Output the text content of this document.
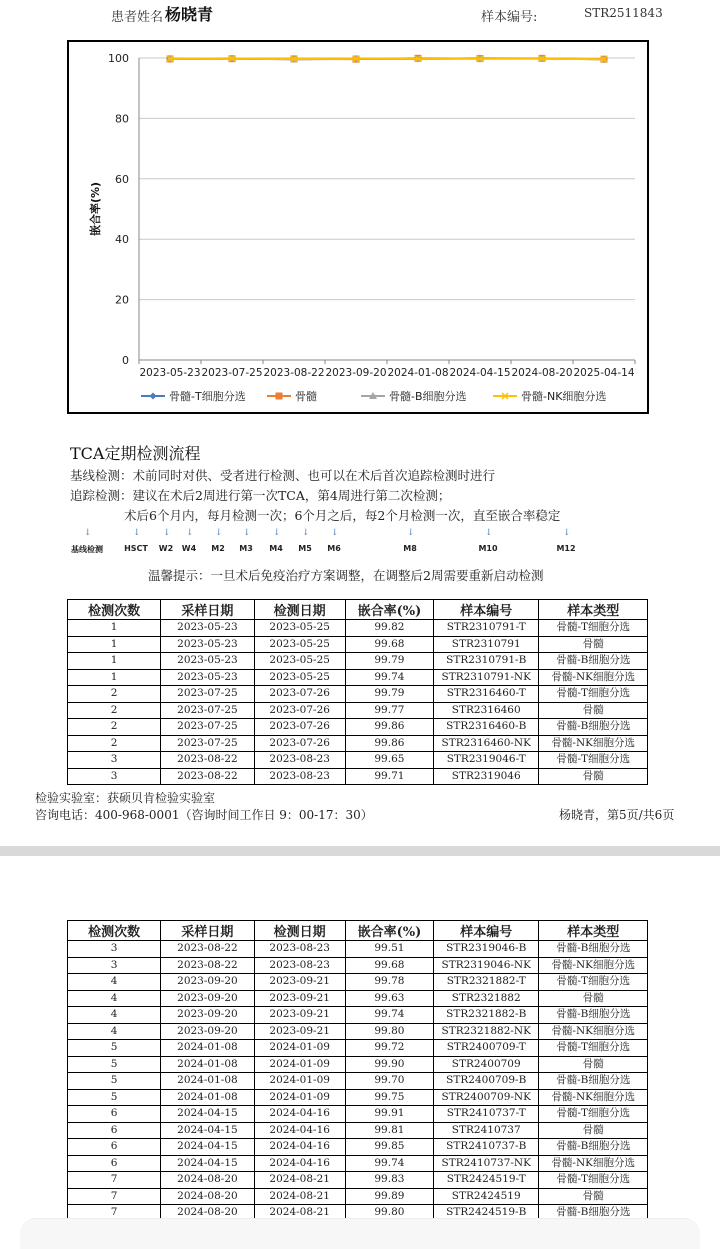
患者姓名 杨晓青	样本编号:	STR2511843
0
20
40
60
80
100
2023-05-23 2023-07-25 2023-08-22 2023-09-20 2024-01-08 2024-04-15 2024-08-20 2025-04-14
嵌合率(%)
骨髓-T细胞分选	骨髓	骨髓-B细胞分选	骨髓-NK细胞分选
TCA定期检测流程
基线检测：术前同时对供、受者进行检测、也可以在术后首次追踪检测时进行
追踪检测：建议在术后2周进行第一次TCA，第4周进行第二次检测；
术后6个月内，每月检测一次；6个月之后，每2个月检测一次，直至嵌合率稳定
↓
基线检测
↓
HSCT
↓
W2
↓
W4
↓
M2
↓
M3
↓
M4
↓
M5
↓
M6
↓
M8
↓
M10
↓
M12
温馨提示：一旦术后免疫治疗方案调整，在调整后2周需要重新启动检测
检测次数	采样日期	检测日期	嵌合率(%)	样本编号	样本类型
1	2023-05-23	2023-05-25	99.82	STR2310791-T	骨髓-T细胞分选
1	2023-05-23	2023-05-25	99.68	STR2310791	骨髓
1	2023-05-23	2023-05-25	99.79	STR2310791-B	骨髓-B细胞分选
1	2023-05-23	2023-05-25	99.74	STR2310791-NK	骨髓-NK细胞分选
2	2023-07-25	2023-07-26	99.79	STR2316460-T	骨髓-T细胞分选
2	2023-07-25	2023-07-26	99.77	STR2316460	骨髓
2	2023-07-25	2023-07-26	99.86	STR2316460-B	骨髓-B细胞分选
2	2023-07-25	2023-07-26	99.86	STR2316460-NK	骨髓-NK细胞分选
3	2023-08-22	2023-08-23	99.65	STR2319046-T	骨髓-T细胞分选
3	2023-08-22	2023-08-23	99.71	STR2319046	骨髓
检验实验室：获硕贝肯检验实验室
咨询电话：400-968-0001（咨询时间工作日 9：00-17：30）	杨晓青，第5页/共6页
检测次数	采样日期	检测日期	嵌合率(%)	样本编号	样本类型
3	2023-08-22	2023-08-23	99.51	STR2319046-B	骨髓-B细胞分选
3	2023-08-22	2023-08-23	99.68	STR2319046-NK	骨髓-NK细胞分选
4	2023-09-20	2023-09-21	99.78	STR2321882-T	骨髓-T细胞分选
4	2023-09-20	2023-09-21	99.63	STR2321882	骨髓
4	2023-09-20	2023-09-21	99.74	STR2321882-B	骨髓-B细胞分选
4	2023-09-20	2023-09-21	99.80	STR2321882-NK	骨髓-NK细胞分选
5	2024-01-08	2024-01-09	99.72	STR2400709-T	骨髓-T细胞分选
5	2024-01-08	2024-01-09	99.90	STR2400709	骨髓
5	2024-01-08	2024-01-09	99.70	STR2400709-B	骨髓-B细胞分选
5	2024-01-08	2024-01-09	99.75	STR2400709-NK	骨髓-NK细胞分选
6	2024-04-15	2024-04-16	99.91	STR2410737-T	骨髓-T细胞分选
6	2024-04-15	2024-04-16	99.81	STR2410737	骨髓
6	2024-04-15	2024-04-16	99.85	STR2410737-B	骨髓-B细胞分选
6	2024-04-15	2024-04-16	99.74	STR2410737-NK	骨髓-NK细胞分选
7	2024-08-20	2024-08-21	99.83	STR2424519-T	骨髓-T细胞分选
7	2024-08-20	2024-08-21	99.89	STR2424519	骨髓
7	2024-08-20	2024-08-21	99.80	STR2424519-B	骨髓-B细胞分选
